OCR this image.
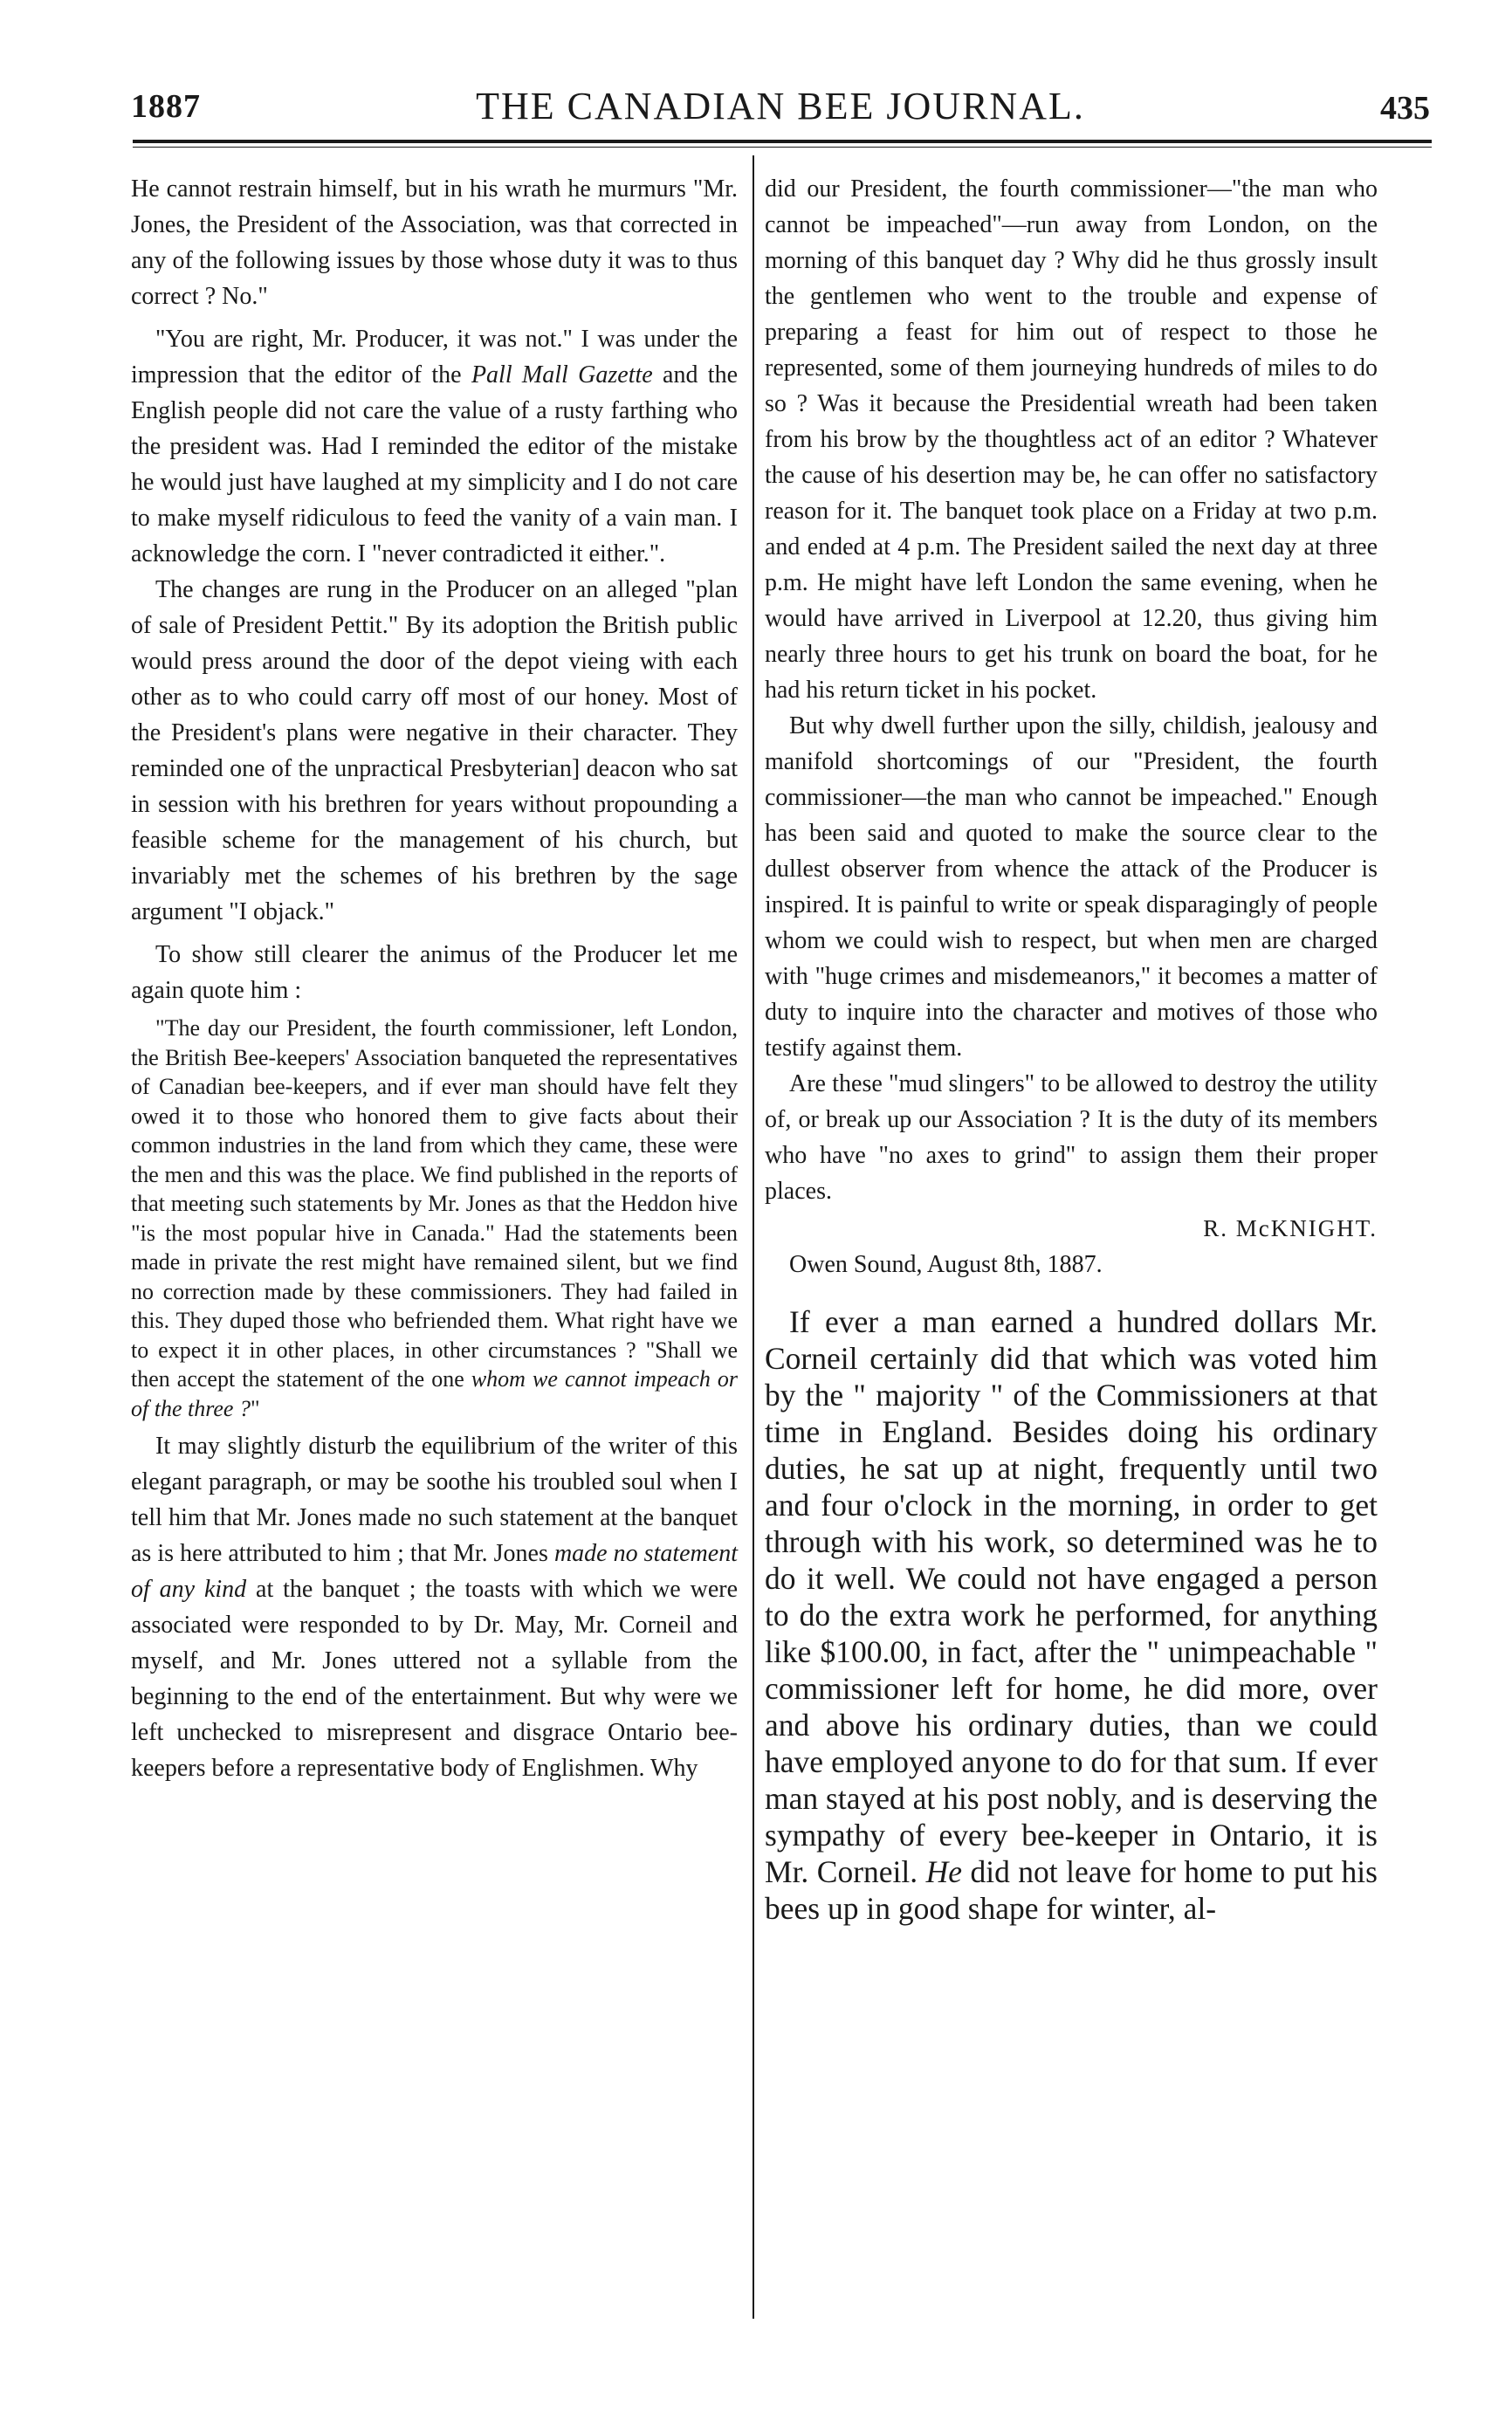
1887	THE CANADIAN BEE JOURNAL.	435

He cannot restrain himself, but in his wrath he murmurs "Mr. Jones, the President of the Association, was that corrected in any of the following issues by those whose duty it was to thus correct ? No."

"You are right, Mr. Producer, it was not." I was under the impression that the editor of the Pall Mall Gazette and the English people did not care the value of a rusty farthing who the president was. Had I reminded the editor of the mistake he would just have laughed at my simplicity and I do not care to make myself ridiculous to feed the vanity of a vain man. I acknowledge the corn. I "never contradicted it either.".

The changes are rung in the Producer on an alleged "plan of sale of President Pettit." By its adoption the British public would press around the door of the depot vieing with each other as to who could carry off most of our honey. Most of the President's plans were negative in their character. They reminded one of the unpractical Presbyterian] deacon who sat in session with his brethren for years without propounding a feasible scheme for the management of his church, but invariably met the schemes of his brethren by the sage argument "I objack."

To show still clearer the animus of the Producer let me again quote him :

"The day our President, the fourth commissioner, left London, the British Bee-keepers' Association banqueted the representatives of Canadian bee-keepers, and if ever man should have felt they owed it to those who honored them to give facts about their common industries in the land from which they came, these were the men and this was the place. We find published in the reports of that meeting such statements by Mr. Jones as that the Heddon hive "is the most popular hive in Canada." Had the statements been made in private the rest might have remained silent, but we find no correction made by these commissioners. They had failed in this. They duped those who befriended them. What right have we to expect it in other places, in other circumstances ? "Shall we then accept the statement of the one whom we cannot impeach or of the three ?"

It may slightly disturb the equilibrium of the writer of this elegant paragraph, or may be soothe his troubled soul when I tell him that Mr. Jones made no such statement at the banquet as is here attributed to him ; that Mr. Jones made no statement of any kind at the banquet ; the toasts with which we were associated were responded to by Dr. May, Mr. Corneil and myself, and Mr. Jones uttered not a syllable from the beginning to the end of the entertainment. But why were we left unchecked to misrepresent and disgrace Ontario bee-keepers before a representative body of Englishmen. Why

did our President, the fourth commissioner—"the man who cannot be impeached"—run away from London, on the morning of this banquet day ? Why did he thus grossly insult the gentlemen who went to the trouble and expense of preparing a feast for him out of respect to those he represented, some of them journeying hundreds of miles to do so ? Was it because the Presidential wreath had been taken from his brow by the thoughtless act of an editor ? Whatever the cause of his desertion may be, he can offer no satisfactory reason for it. The banquet took place on a Friday at two p.m. and ended at 4 p.m. The President sailed the next day at three p.m. He might have left London the same evening, when he would have arrived in Liverpool at 12.20, thus giving him nearly three hours to get his trunk on board the boat, for he had his return ticket in his pocket.

But why dwell further upon the silly, childish, jealousy and manifold shortcomings of our "President, the fourth commissioner—the man who cannot be impeached." Enough has been said and quoted to make the source clear to the dullest observer from whence the attack of the Producer is inspired. It is painful to write or speak disparagingly of people whom we could wish to respect, but when men are charged with "huge crimes and misdemeanors," it becomes a matter of duty to inquire into the character and motives of those who testify against them.

Are these "mud slingers" to be allowed to destroy the utility of, or break up our Association ? It is the duty of its members who have "no axes to grind" to assign them their proper places.

R. McKNIGHT.

Owen Sound, August 8th, 1887.

If ever a man earned a hundred dollars Mr. Corneil certainly did that which was voted him by the " majority " of the Commissioners at that time in England. Besides doing his ordinary duties, he sat up at night, frequently until two and four o'clock in the morning, in order to get through with his work, so determined was he to do it well. We could not have engaged a person to do the extra work he performed, for anything like $100.00, in fact, after the " unimpeachable " commissioner left for home, he did more, over and above his ordinary duties, than we could have employed anyone to do for that sum. If ever man stayed at his post nobly, and is deserving the sympathy of every bee-keeper in Ontario, it is Mr. Corneil. He did not leave for home to put his bees up in good shape for winter, al-
